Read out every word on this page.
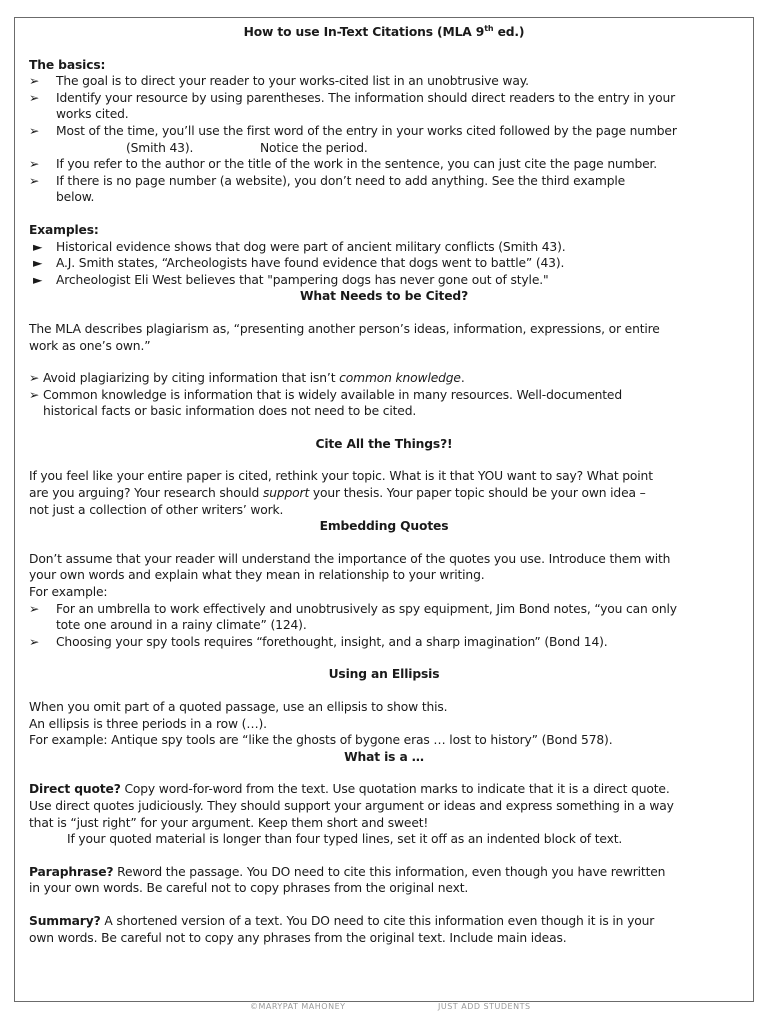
How to use In-Text Citations (MLA 9th ed.)
The basics:
➢ The goal is to direct your reader to your works-cited list in an unobtrusive way.
➢ Identify your resource by using parentheses. The information should direct readers to the entry in your
works cited.
➢ Most of the time, you’ll use the first word of the entry in your works cited followed by the page number
(Smith 43).	Notice the period.
➢ If you refer to the author or the title of the work in the sentence, you can just cite the page number.
➢ If there is no page number (a website), you don’t need to add anything. See the third example
below.
Examples:
► Historical evidence shows that dog were part of ancient military conflicts (Smith 43).
► A.J. Smith states, “Archeologists have found evidence that dogs went to battle” (43).
► Archeologist Eli West believes that "pampering dogs has never gone out of style."
What Needs to be Cited?
The MLA describes plagiarism as, “presenting another person’s ideas, information, expressions, or entire
work as one’s own.”
➢ Avoid plagiarizing by citing information that isn’t common knowledge.
➢ Common knowledge is information that is widely available in many resources. Well-documented
historical facts or basic information does not need to be cited.
Cite All the Things?!
If you feel like your entire paper is cited, rethink your topic. What is it that YOU want to say? What point
are you arguing? Your research should support your thesis. Your paper topic should be your own idea –
not just a collection of other writers’ work.
Embedding Quotes
Don’t assume that your reader will understand the importance of the quotes you use. Introduce them with
your own words and explain what they mean in relationship to your writing.
For example:
➢ For an umbrella to work effectively and unobtrusively as spy equipment, Jim Bond notes, “you can only
tote one around in a rainy climate” (124).
➢ Choosing your spy tools requires “forethought, insight, and a sharp imagination” (Bond 14).
Using an Ellipsis
When you omit part of a quoted passage, use an ellipsis to show this.
An ellipsis is three periods in a row (…).
For example: Antique spy tools are “like the ghosts of bygone eras … lost to history” (Bond 578).
What is a …
Direct quote? Copy word-for-word from the text. Use quotation marks to indicate that it is a direct quote.
Use direct quotes judiciously. They should support your argument or ideas and express something in a way
that is “just right” for your argument. Keep them short and sweet!
If your quoted material is longer than four typed lines, set it off as an indented block of text.
Paraphrase? Reword the passage. You DO need to cite this information, even though you have rewritten
in your own words. Be careful not to copy phrases from the original next.
Summary? A shortened version of a text. You DO need to cite this information even though it is in your
own words. Be careful not to copy any phrases from the original text. Include main ideas.
©MARYPAT MAHONEY	JUST ADD STUDENTS
